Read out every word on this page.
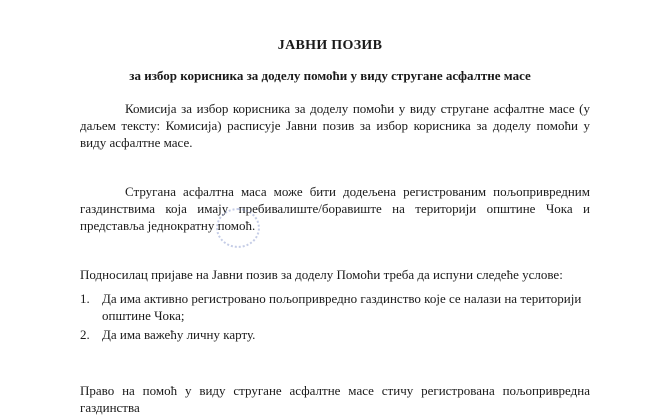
ЈАВНИ ПОЗИВ
за избор корисника за доделу помоћи у виду стругане асфалтне масе
Комисија за избор корисника за доделу помоћи у виду стругане асфалтне масе (у даљем тексту: Комисија) расписује Јавни позив за избор корисника за доделу помоћи у виду асфалтне масе.
Стругана асфалтна маса може бити додељена регистрованим пољопривредним газдинствима која имају пребивалиште/боравиште на територији општине Чока и представља једнократну помоћ.
Подносилац пријаве на Јавни позив за доделу Помоћи треба да испуни следеће услове:
1. Да има активно регистровано пољопривредно газдинство које се налази на територији општине Чока;
2. Да има важећу личну карту.
Право на помоћ у виду стругане асфалтне масе стичу регистрована пољопривредна газдинства
